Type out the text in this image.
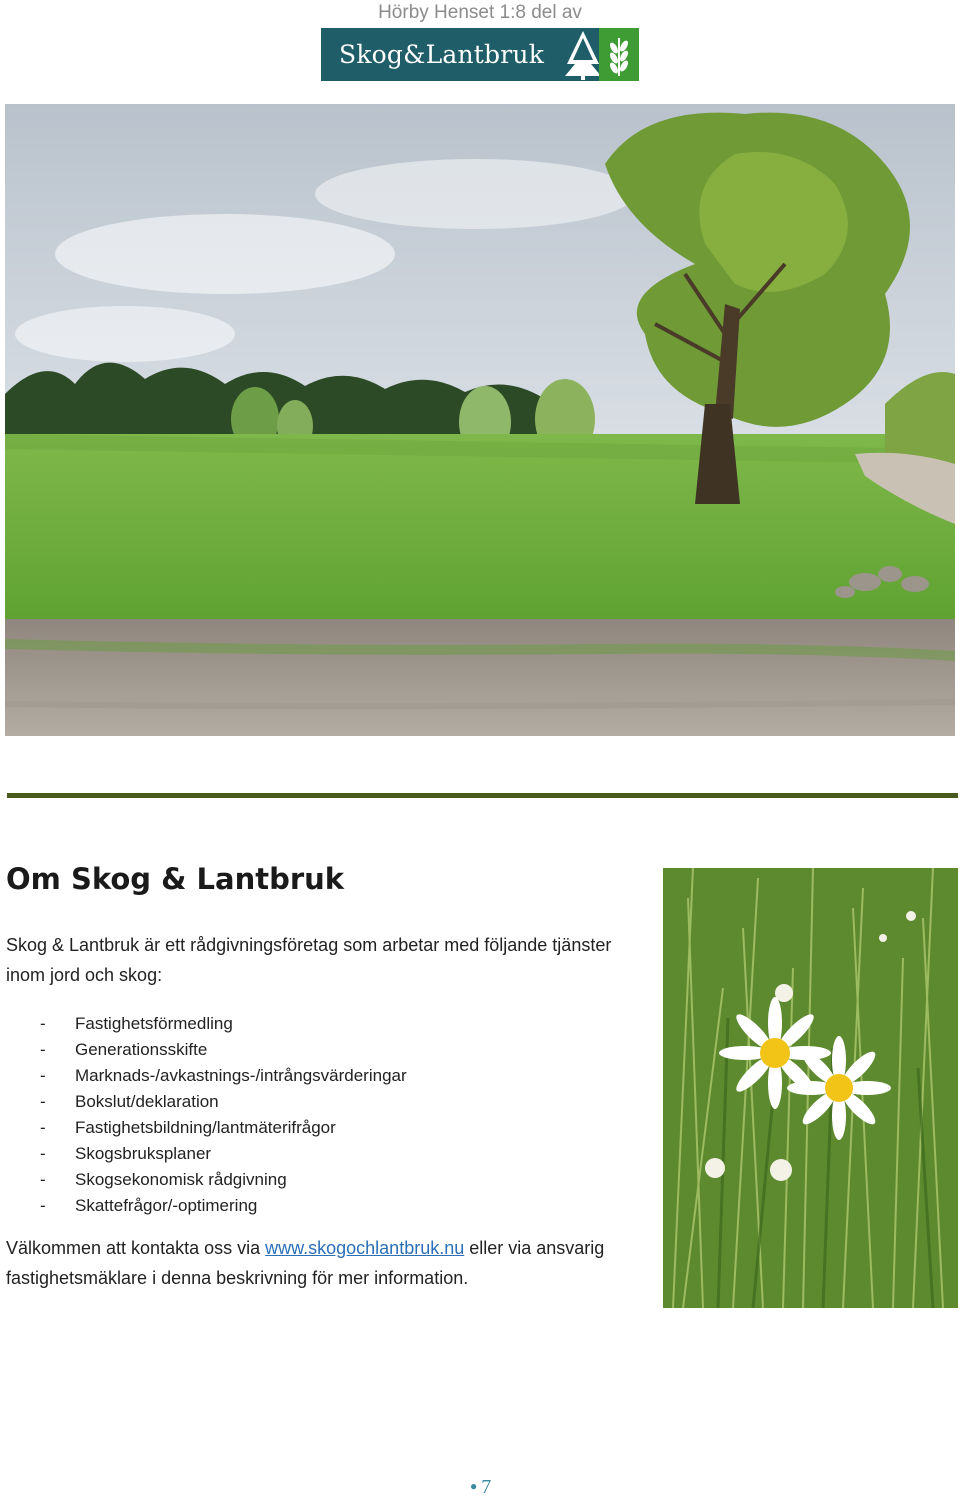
Hörby Henset 1:8 del av
Skog&Lantbruk
Om Skog & Lantbruk
Skog & Lantbruk är ett rådgivningsföretag som arbetar med följande tjänster inom jord och skog:
-	Fastighetsförmedling
-	Generationsskifte
-	Marknads-/avkastnings-/intrångsvärderingar
-	Bokslut/deklaration
-	Fastighetsbildning/lantmäterifrågor
-	Skogsbruksplaner
-	Skogsekonomisk rådgivning
-	Skattefrågor/-optimering
Välkommen att kontakta oss via www.skogochlantbruk.nu eller via ansvarig fastighetsmäklare i denna beskrivning för mer information.
● 7
